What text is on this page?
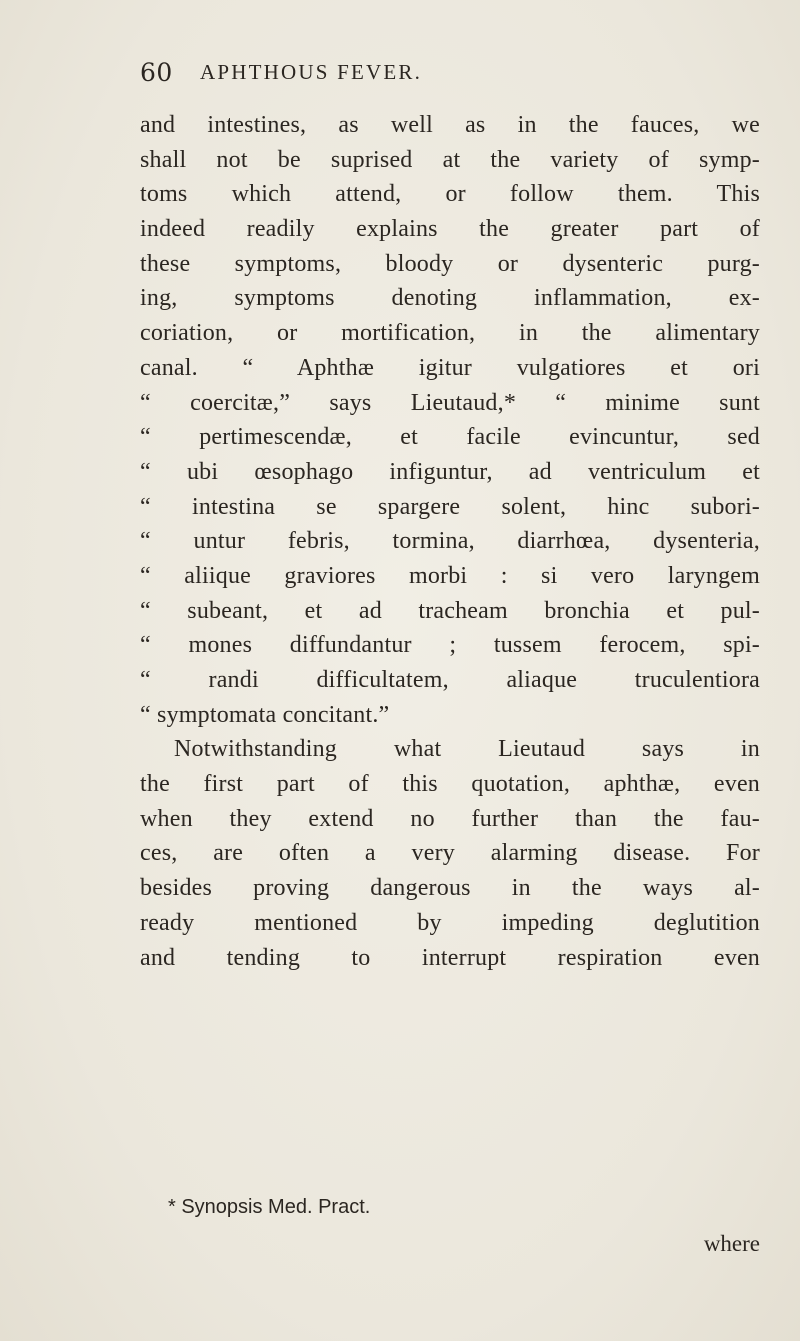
60 APHTHOUS FEVER.
and intestines, as well as in the fauces, we
shall not be suprised at the variety of symp-
toms which attend, or follow them. This
indeed readily explains the greater part of
these symptoms, bloody or dysenteric purg-
ing, symptoms denoting inflammation, ex-
coriation, or mortification, in the alimentary
canal. “ Aphthæ igitur vulgatiores et ori
“ coercitæ,” says Lieutaud,* “ minime sunt
“ pertimescendæ, et facile evincuntur, sed
“ ubi œsophago infiguntur, ad ventriculum et
“ intestina se spargere solent, hinc subori-
“ untur febris, tormina, diarrhœa, dysenteria,
“ aliique graviores morbi : si vero laryngem
“ subeant, et ad tracheam bronchia et pul-
“ mones diffundantur ; tussem ferocem, spi-
“ randi difficultatem, aliaque truculentiora
“ symptomata concitant.”
Notwithstanding what Lieutaud says in
the first part of this quotation, aphthæ, even
when they extend no further than the fau-
ces, are often a very alarming disease. For
besides proving dangerous in the ways al-
ready mentioned by impeding deglutition
and tending to interrupt respiration even
* Synopsis Med. Pract.
where
